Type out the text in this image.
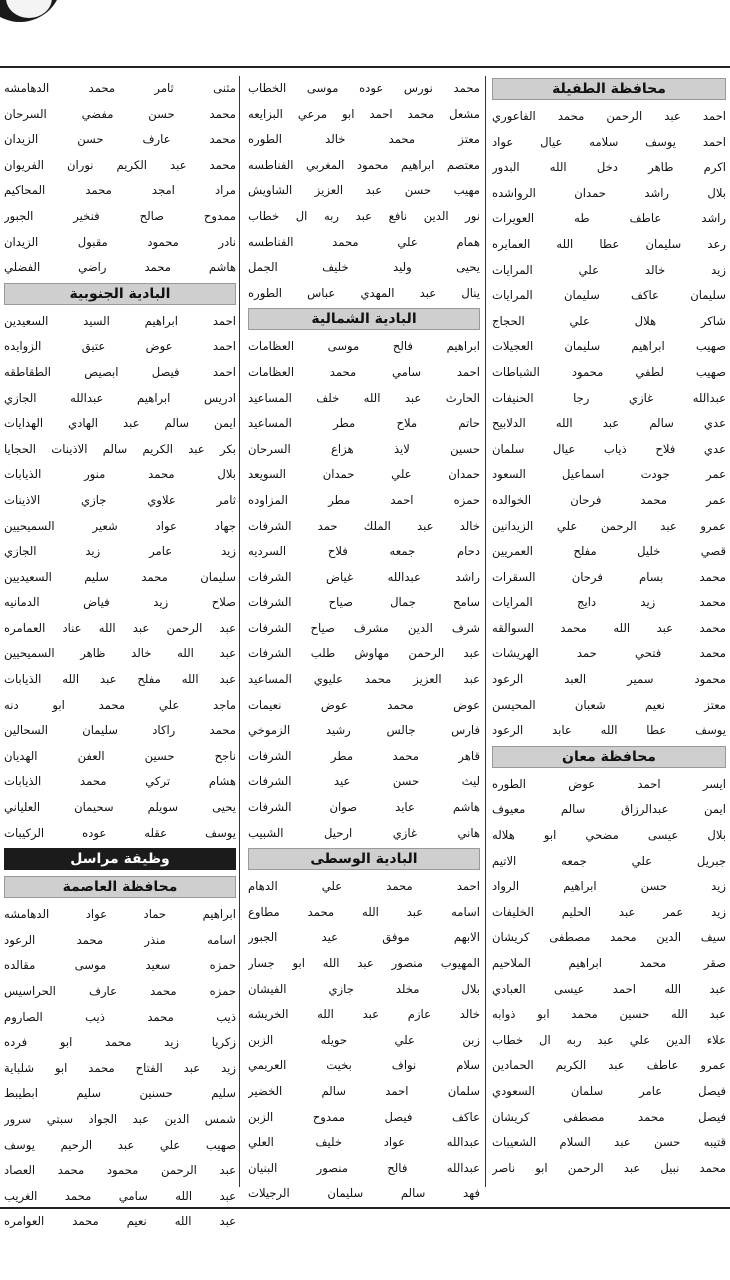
محافظة الطفيلة
احمد
عبد
الرحمن
محمد
الفاعوري
احمد
يوسف
سلامه
عيال
عواد
اكرم
طاهر
دخل
الله
البدور
بلال
راشد
حمدان
الرواشده
راشد
عاطف
طه
العويرات
رعد
سليمان
عطا
الله
العمايره
زيد
خالد
علي
المرايات
سليمان
عاكف
سليمان
المرايات
شاكر
هلال
علي
الحجاج
صهيب
ابراهيم
سليمان
العجيلات
صهيب
لطفي
محمود
الشباطات
عبدالله
غازي
رجا
الحنيفات
عدي
سالم
عبد
الله
الدلابيح
عدي
فلاح
ذياب
عيال
سلمان
عمر
جودت
اسماعيل
السعود
عمر
محمد
فرحان
الخوالده
عمرو
عبد
الرحمن
علي
الزيدانين
قصي
خليل
مفلح
العمريين
محمد
بسام
فرحان
السقرات
محمد
زيد
دايج
المرايات
محمد
عبد
الله
محمد
السوالقه
محمد
فتحي
حمد
الهريشات
محمود
سمير
العبد
الرعود
معتز
نعيم
شعبان
المحيسن
يوسف
عطا
الله
عابد
الرعود
محافظة معان
ايسر
احمد
عوض
الطوره
ايمن
عبدالرزاق
سالم
معيوف
بلال
عيسى
مضحي
ابو
هلاله
جبريل
علي
جمعه
الاتيم
زيد
حسن
ابراهيم
الرواد
زيد
عمر
عبد
الحليم
الخليفات
سيف
الدين
محمد
مصطفى
كريشان
صقر
محمد
ابراهيم
الملاحيم
عبد
الله
احمد
عيسى
العبادي
عبد
الله
حسين
محمد
ابو
ذوابه
علاء
الدين
علي
عبد
ربه
ال
خطاب
عمرو
عاطف
عبد
الكريم
الحمادين
فيصل
عامر
سلمان
السعودي
فيصل
محمد
مصطفى
كريشان
قتيبه
حسن
عبد
السلام
الشعيبات
محمد
نبيل
عبد
الرحمن
ابو
ناصر
محمد
نورس
عوده
موسى
الخطاب
مشعل
محمد
احمد
ابو
مرعي
البزايعه
معتز
محمد
خالد
الطوره
معتصم
ابراهيم
محمود
المغربي
الفناطسه
مهيب
حسن
عبد
العزيز
الشاويش
نور
الدين
نافع
عبد
ربه
ال
خطاب
همام
علي
محمد
الفناطسه
يحيى
وليد
خليف
الجمل
ينال
عبد
المهدي
عباس
الطوره
البادية الشمالية
ابراهيم
فالح
موسى
العظامات
احمد
سامي
محمد
العظامات
الحارث
عبد
الله
خلف
المساعيد
حاتم
ملاح
مطر
المساعيد
حسين
لايذ
هزاع
السرحان
حمدان
علي
حمدان
السويعد
حمزه
احمد
مطر
المزاوده
خالد
عبد
الملك
حمد
الشرفات
دحام
جمعه
فلاح
السرديه
راشد
عبدالله
غياض
الشرفات
سامح
جمال
صياح
الشرفات
شرف
الدين
مشرف
صياح
الشرفات
عبد
الرحمن
مهاوش
طلب
الشرفات
عبد
العزيز
محمد
عليوي
المساعيد
عوض
محمد
عوض
نعيمات
فارس
جالس
رشيد
الزموخي
قاهر
محمد
مطر
الشرفات
ليث
حسن
عيد
الشرفات
هاشم
عايد
صوان
الشرفات
هاني
غازي
ارحيل
الشبيب
البادية الوسطى
احمد
محمد
علي
الدهام
اسامه
عبد
الله
محمد
مطاوع
الابهم
موفق
عيد
الجبور
المهيوب
منصور
عبد
الله
ابو
جسار
بلال
مخلد
جازي
الفيشان
خالد
عازم
عبد
الله
الخريشه
زبن
علي
حويله
الزبن
سلام
نواف
بخيت
العريمي
سلمان
احمد
سالم
الخضير
عاكف
فيصل
ممدوح
الزبن
عبدالله
عواد
خليف
العلي
عبدالله
فالح
منصور
البنيان
فهد
سالم
سليمان
الرجيلات
مثنى
ثامر
محمد
الدهامشه
محمد
حسن
مفضي
السرحان
محمد
عارف
حسن
الزيدان
محمد
عبد
الكريم
نوران
الفريوان
مراد
امجد
محمد
المحاكيم
ممدوح
صالح
فنخير
الجبور
نادر
محمود
مقبول
الزيدان
هاشم
محمد
راضي
الفضلي
البادية الجنوبية
احمد
ابراهيم
السيد
السعيدين
احمد
عوض
عتيق
الزوايده
احمد
فيصل
ابصيص
الطقاطقه
ادريس
ابراهيم
عبدالله
الجازي
ايمن
سالم
عبد
الهادي
الهدايات
بكر
عبد
الكريم
سالم
الاذينات
الحجايا
بلال
محمد
منور
الذيابات
ثامر
علاوي
جازي
الاذينات
جهاد
عواد
شعير
السميحيين
زيد
عامر
زيد
الجازي
سليمان
محمد
سليم
السعيديين
صلاح
زيد
فياض
الدمانيه
عبد
الرحمن
عبد
الله
عناد
العمامره
عبد
الله
خالد
ظاهر
السميحيين
عبد
الله
مفلح
عبد
الله
الذيابات
ماجد
علي
محمد
ابو
دنه
محمد
راكاد
سليمان
السحالين
ناجح
حسين
العفن
الهديان
هشام
تركي
محمد
الذيابات
يحيى
سويلم
سحيمان
العلياني
يوسف
عقله
عوده
الركيبات
وظيفة مراسل
محافظة العاصمة
ابراهيم
حماد
عواد
الدهامشه
اسامه
منذر
محمد
الرعود
حمزه
سعيد
موسى
مقالده
حمزه
محمد
عارف
الحراسيس
ذيب
محمد
ذيب
الصاروم
زكريا
زيد
محمد
ابو
فرده
زيد
عبد
الفتاح
محمد
ابو
شلباية
سليم
حسنين
سليم
ابطيبط
شمس
الدين
عبد
الجواد
سبتي
سرور
صهيب
علي
عبد
الرحيم
يوسف
عبد
الرحمن
محمود
محمد
العصاد
عبد
الله
سامي
محمد
الغريب
عبد
الله
نعيم
محمد
العوامره
